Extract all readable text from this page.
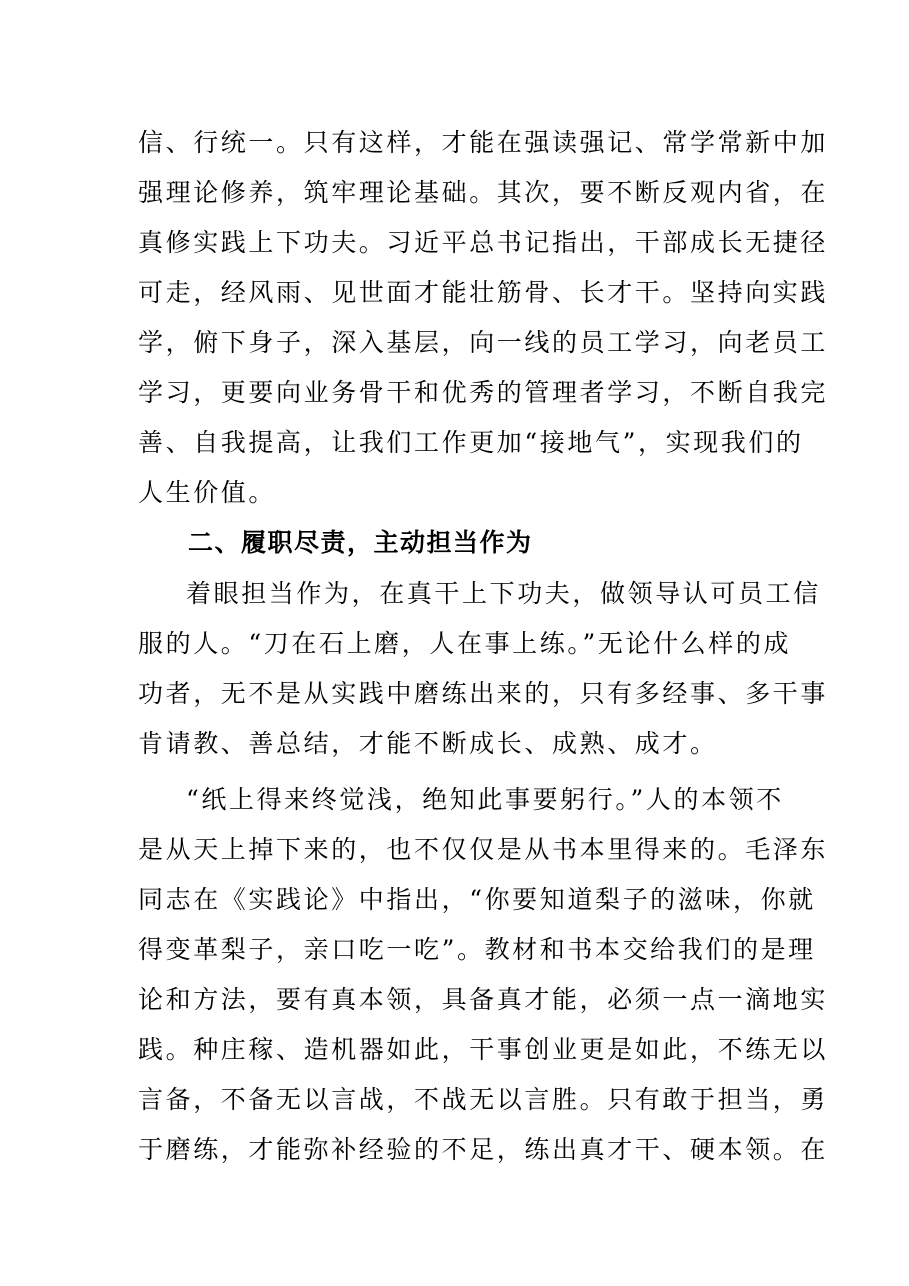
信、行统一。只有这样，才能在强读强记、常学常新中加
强理论修养，筑牢理论基础。其次，要不断反观内省，在
真修实践上下功夫。习近平总书记指出，干部成长无捷径
可走，经风雨、见世面才能壮筋骨、长才干。坚持向实践
学，俯下身子，深入基层，向一线的员工学习，向老员工
学习，更要向业务骨干和优秀的管理者学习，不断自我完
善、自我提高，让我们工作更加“接地气”，实现我们的
人生价值。
二、履职尽责，主动担当作为
着眼担当作为，在真干上下功夫，做领导认可员工信
服的人。“刀在石上磨，人在事上练。”无论什么样的成
功者，无不是从实践中磨练出来的，只有多经事、多干事
肯请教、善总结，才能不断成长、成熟、成才。
“纸上得来终觉浅，绝知此事要躬行。”人的本领不
是从天上掉下来的，也不仅仅是从书本里得来的。毛泽东
同志在《实践论》中指出，“你要知道梨子的滋味，你就
得变革梨子，亲口吃一吃”。教材和书本交给我们的是理
论和方法，要有真本领，具备真才能，必须一点一滴地实
践。种庄稼、造机器如此，干事创业更是如此，不练无以
言备，不备无以言战，不战无以言胜。只有敢于担当，勇
于磨练，才能弥补经验的不足，练出真才干、硬本领。在
